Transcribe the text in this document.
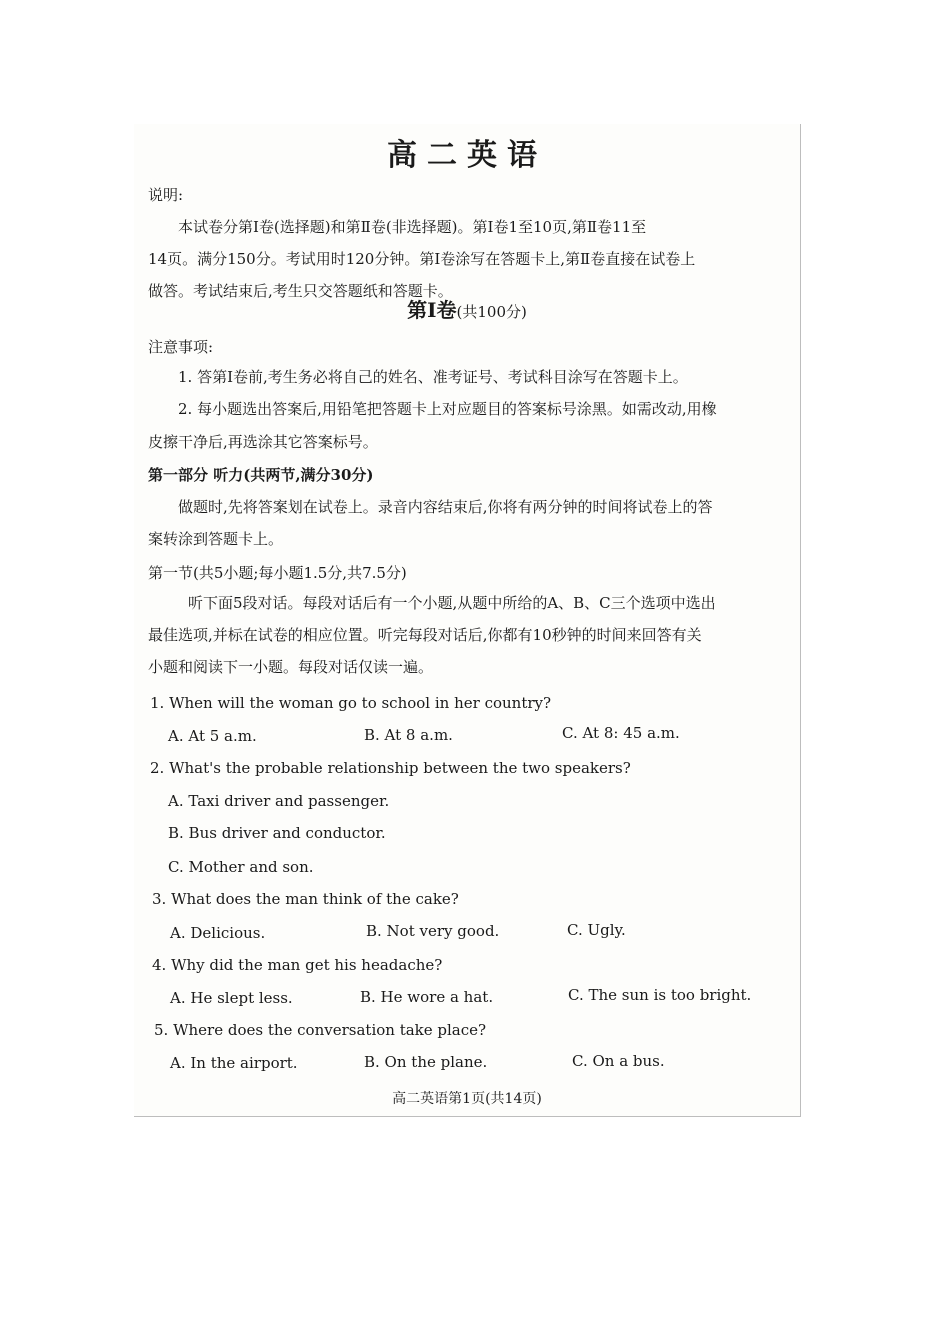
高二英语
说明:
本试卷分第Ⅰ卷(选择题)和第Ⅱ卷(非选择题)。第Ⅰ卷1至10页,第Ⅱ卷11至
14页。满分150分。考试用时120分钟。第Ⅰ卷涂写在答题卡上,第Ⅱ卷直接在试卷上
做答。考试结束后,考生只交答题纸和答题卡。
第Ⅰ卷(共100分)
注意事项:
1. 答第Ⅰ卷前,考生务必将自己的姓名、准考证号、考试科目涂写在答题卡上。
2. 每小题选出答案后,用铅笔把答题卡上对应题目的答案标号涂黑。如需改动,用橡
皮擦干净后,再选涂其它答案标号。
第一部分 听力(共两节,满分30分)
做题时,先将答案划在试卷上。录音内容结束后,你将有两分钟的时间将试卷上的答
案转涂到答题卡上。
第一节(共5小题;每小题1.5分,共7.5分)
听下面5段对话。每段对话后有一个小题,从题中所给的A、B、C三个选项中选出
最佳选项,并标在试卷的相应位置。听完每段对话后,你都有10秒钟的时间来回答有关
小题和阅读下一小题。每段对话仅读一遍。
1. When will the woman go to school in her country?
A. At 5 a.m.	B. At 8 a.m.	C. At 8: 45 a.m.
2. What's the probable relationship between the two speakers?
A. Taxi driver and passenger.
B. Bus driver and conductor.
C. Mother and son.
3. What does the man think of the cake?
A. Delicious.	B. Not very good.	C. Ugly.
4. Why did the man get his headache?
A. He slept less.	B. He wore a hat.	C. The sun is too bright.
5. Where does the conversation take place?
A. In the airport.	B. On the plane.	C. On a bus.
高二英语第1页(共14页)
